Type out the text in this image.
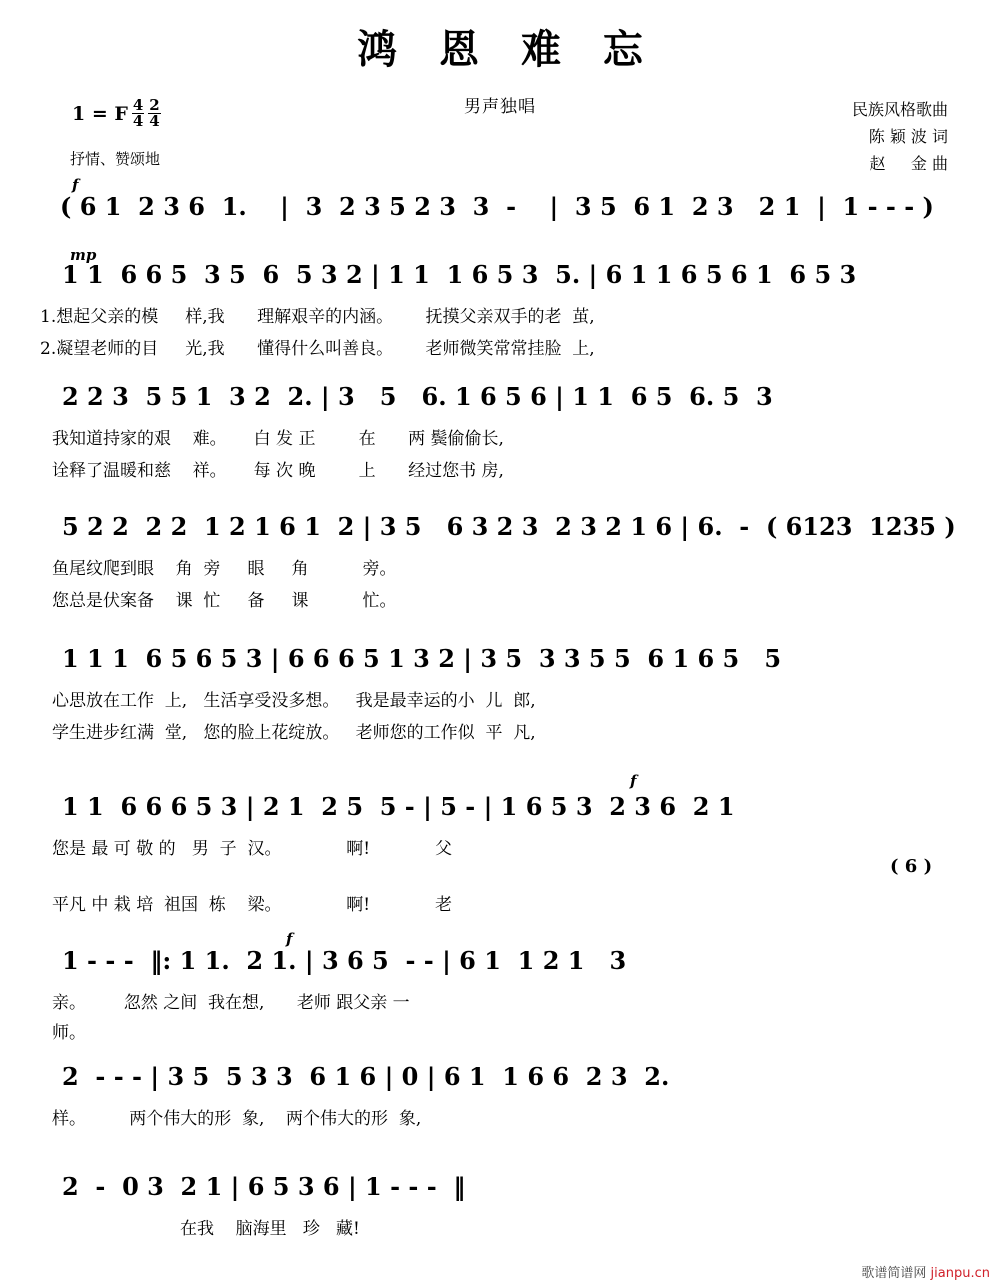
鸿 恩 难 忘
男声独唱
1 = F $\frac{4}{4} \frac{2}{4}$
抒情、赞颂地
民族风格歌曲
陈 颖 波 词
赵     金 曲
f
( 6 1  2 3 6  1.    |  3  2 3 5 2 3  3  -    |  3 5  6 1  2 3   2 1  |  1 - - - )
mp
1 1  6 6 5  3 5  6  5 3 2 | 1 1  1 6 5 3  5. | 6 1 1 6 5 6 1  6 5 3
1.想起父亲的模     样,我      理解艰辛的内涵。      抚摸父亲双手的老  茧,
2.凝望老师的目     光,我      懂得什么叫善良。      老师微笑常常挂脸  上,
2 2 3  5 5 1  3 2  2. | 3   5   6. 1 6 5 6 | 1 1  6 5  6. 5  3
我知道持家的艰    难。     白 发 正        在      两 鬓偷偷长,
诠释了温暖和慈    祥。     每 次 晚        上      经过您书 房,
5 2 2  2 2  1 2 1 6 1  2 | 3 5   6 3 2 3  2 3 2 1 6 | 6.  -  ( 6123  1235 )
鱼尾纹爬到眼    角  旁     眼     角          旁。
您总是伏案备    课  忙     备     课          忙。
1 1 1  6 5 6 5 3 | 6 6 6 5 1 3 2 | 3 5  3 3 5 5  6 1 6 5   5
心思放在工作  上,   生活享受没多想。   我是最幸运的小  儿  郎,
学生进步红满  堂,   您的脸上花绽放。   老师您的工作似  平  凡,
f
1 1  6 6 6 5 3 | 2 1  2 5  5 - | 5 - | 1 6 5 3  2 3 6  2 1
您是 最 可 敬 的   男  子  汉。            啊!            父
平凡 中 栽 培  祖国  栋    梁。            啊!            老
( 6 )
f
1 - - -  ‖: 1 1.  2 1. | 3 6 5  - - | 6 1  1 2 1   3
亲。       忽然 之间  我在想,      老师 跟父亲 一
师。
2  - - - | 3 5  5 3 3  6 1 6 | 0 | 6 1  1 6 6  2 3  2.
样。        两个伟大的形  象,    两个伟大的形  象,
2  -  0 3  2 1 | 6 5 3 6 | 1 - - -  ‖
在我    脑海里   珍   藏!
歌谱简谱网 jianpu.cn
